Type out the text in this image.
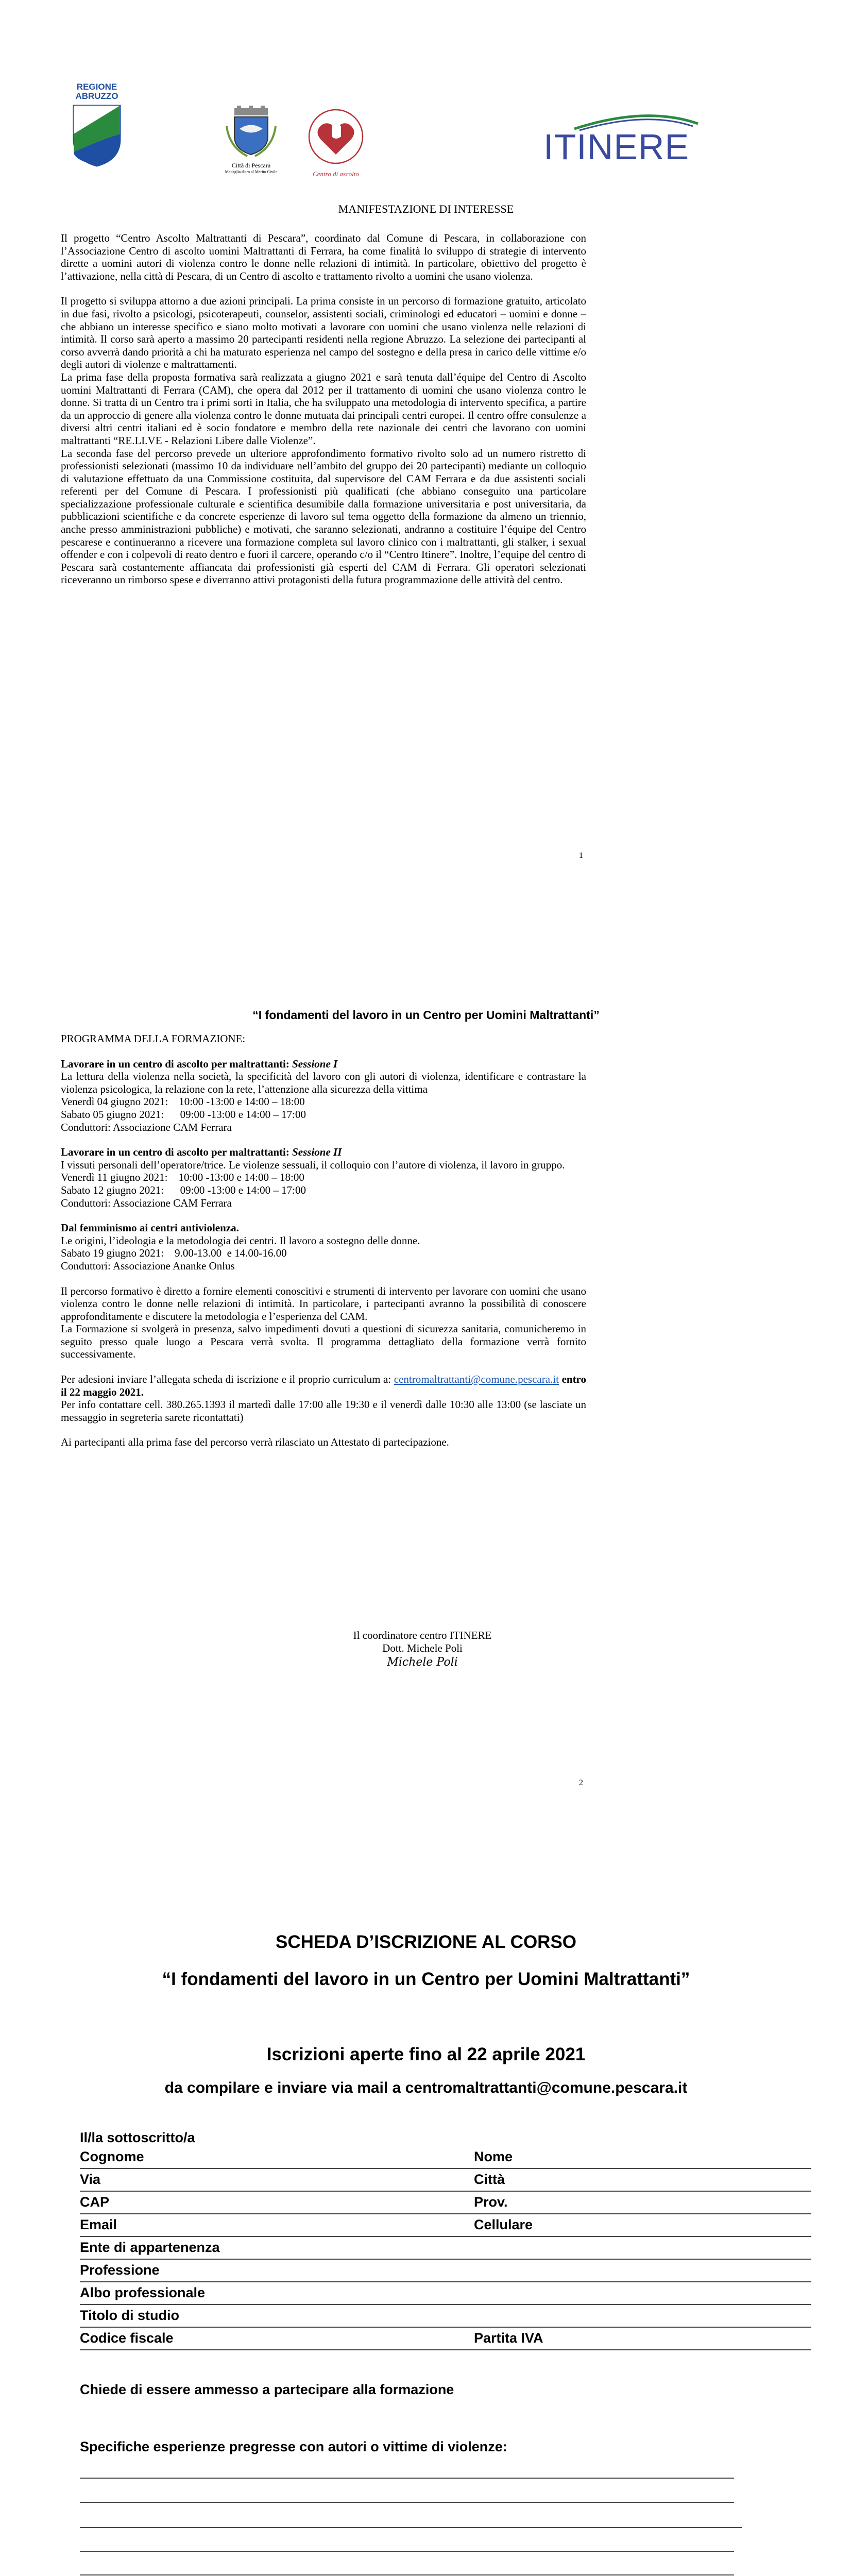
REGIONE
ABRUZZO
Città di Pescara
Medaglia d'oro al Merito Civile	Centro di ascolto
ITINERE
MANIFESTAZIONE DI INTERESSE

Il progetto “Centro Ascolto Maltrattanti di Pescara”, coordinato dal Comune di Pescara, in collaborazione con l’Associazione Centro di ascolto uomini Maltrattanti di Ferrara, ha come finalità lo sviluppo di strategie di intervento dirette a uomini autori di violenza contro le donne nelle relazioni di intimità. In particolare, obiettivo del progetto è l’attivazione, nella città di Pescara, di un Centro di ascolto e trattamento rivolto a uomini che usano violenza.

Il progetto si sviluppa attorno a due azioni principali. La prima consiste in un percorso di formazione gratuito, articolato in due fasi, rivolto a psicologi, psicoterapeuti, counselor, assistenti sociali, criminologi ed educatori – uomini e donne – che abbiano un interesse specifico e siano molto motivati a lavorare con uomini che usano violenza nelle relazioni di intimità. Il corso sarà aperto a massimo 20 partecipanti residenti nella regione Abruzzo. La selezione dei partecipanti al corso avverrà dando priorità a chi ha maturato esperienza nel campo del sostegno e della presa in carico delle vittime e/o degli autori di violenze e maltrattamenti.

La prima fase della proposta formativa sarà realizzata a giugno 2021 e sarà tenuta dall’équipe del Centro di Ascolto uomini Maltrattanti di Ferrara (CAM), che opera dal 2012 per il trattamento di uomini che usano violenza contro le donne. Si tratta di un Centro tra i primi sorti in Italia, che ha sviluppato una metodologia di intervento specifica, a partire da un approccio di genere alla violenza contro le donne mutuata dai principali centri europei. Il centro offre consulenze a diversi altri centri italiani ed è socio fondatore e membro della rete nazionale dei centri che lavorano con uomini maltrattanti “RE.LI.VE - Relazioni Libere dalle Violenze”.

La seconda fase del percorso prevede un ulteriore approfondimento formativo rivolto solo ad un numero ristretto di professionisti selezionati (massimo 10 da individuare nell’ambito del gruppo dei 20 partecipanti) mediante un colloquio di valutazione effettuato da una Commissione costituita, dal supervisore del CAM Ferrara e da due assistenti sociali referenti per del Comune di Pescara. I professionisti più qualificati (che abbiano conseguito una particolare specializzazione professionale culturale e scientifica desumibile dalla formazione universitaria e post universitaria, da pubblicazioni scientifiche e da concrete esperienze di lavoro sul tema oggetto della formazione da almeno un triennio, anche presso amministrazioni pubbliche) e motivati, che saranno selezionati, andranno a costituire l’équipe del Centro pescarese e continueranno a ricevere una formazione completa sul lavoro clinico con i maltrattanti, gli stalker, i sexual offender e con i colpevoli di reato dentro e fuori il carcere, operando c/o il “Centro Itinere”. Inoltre, l’equipe del centro di Pescara sarà costantemente affiancata dai professionisti già esperti del CAM di Ferrara. Gli operatori selezionati riceveranno un rimborso spese e diverranno attivi protagonisti della futura programmazione delle attività del centro.

1
“I fondamenti del lavoro in un Centro per Uomini Maltrattanti”

PROGRAMMA DELLA FORMAZIONE:

Lavorare in un centro di ascolto per maltrattanti: Sessione I

La lettura della violenza nella società, la specificità del lavoro con gli autori di violenza, identificare e contrastare la violenza psicologica, la relazione con la rete, l’attenzione alla sicurezza della vittima

Venerdì 04 giugno 2021:    10:00 -13:00 e 14:00 – 18:00

Sabato 05 giugno 2021:      09:00 -13:00 e 14:00 – 17:00

Conduttori: Associazione CAM Ferrara

Lavorare in un centro di ascolto per maltrattanti: Sessione II

I vissuti personali dell’operatore/trice. Le violenze sessuali, il colloquio con l’autore di violenza, il lavoro in gruppo.

Venerdì 11 giugno 2021:    10:00 -13:00 e 14:00 – 18:00

Sabato 12 giugno 2021:      09:00 -13:00 e 14:00 – 17:00

Conduttori: Associazione CAM Ferrara

Dal femminismo ai centri antiviolenza.

Le origini, l’ideologia e la metodologia dei centri. Il lavoro a sostegno delle donne.

Sabato 19 giugno 2021:    9.00-13.00  e 14.00-16.00

Conduttori: Associazione Ananke Onlus

Il percorso formativo è diretto a fornire elementi conoscitivi e strumenti di intervento per lavorare con uomini che usano violenza contro le donne nelle relazioni di intimità. In particolare, i partecipanti avranno la possibilità di conoscere approfonditamente e discutere la metodologia e l’esperienza del CAM.

La Formazione si svolgerà in presenza, salvo impedimenti dovuti a questioni di sicurezza sanitaria, comunicheremo in seguito presso quale luogo a Pescara verrà svolta. Il programma dettagliato della formazione verrà fornito successivamente.

Per adesioni inviare l’allegata scheda di iscrizione e il proprio curriculum a: centromaltrattanti@comune.pescara.it entro il 22 maggio 2021.

Per info contattare cell. 380.265.1393 il martedì dalle 17:00 alle 19:30 e il venerdì dalle 10:30 alle 13:00 (se lasciate un messaggio in segreteria sarete ricontattati)

Ai partecipanti alla prima fase del percorso verrà rilasciato un Attestato di partecipazione.

Il coordinatore centro ITINERE
Dott. Michele Poli
Michele Poli
2
SCHEDA D’ISCRIZIONE AL CORSO
“I fondamenti del lavoro in un Centro per Uomini Maltrattanti”
Iscrizioni aperte fino al 22 aprile 2021
da compilare e inviare via mail a centromaltrattanti@comune.pescara.it
Il/la sottoscritto/a
Cognome	Nome
Via	Città
CAP	Prov.
Email	Cellulare
Ente di appartenenza
Professione
Albo professionale
Titolo di studio
Codice fiscale	Partita IVA
Chiede di essere ammesso a partecipare alla formazione
Specifiche esperienze pregresse con autori o vittime di violenze:
